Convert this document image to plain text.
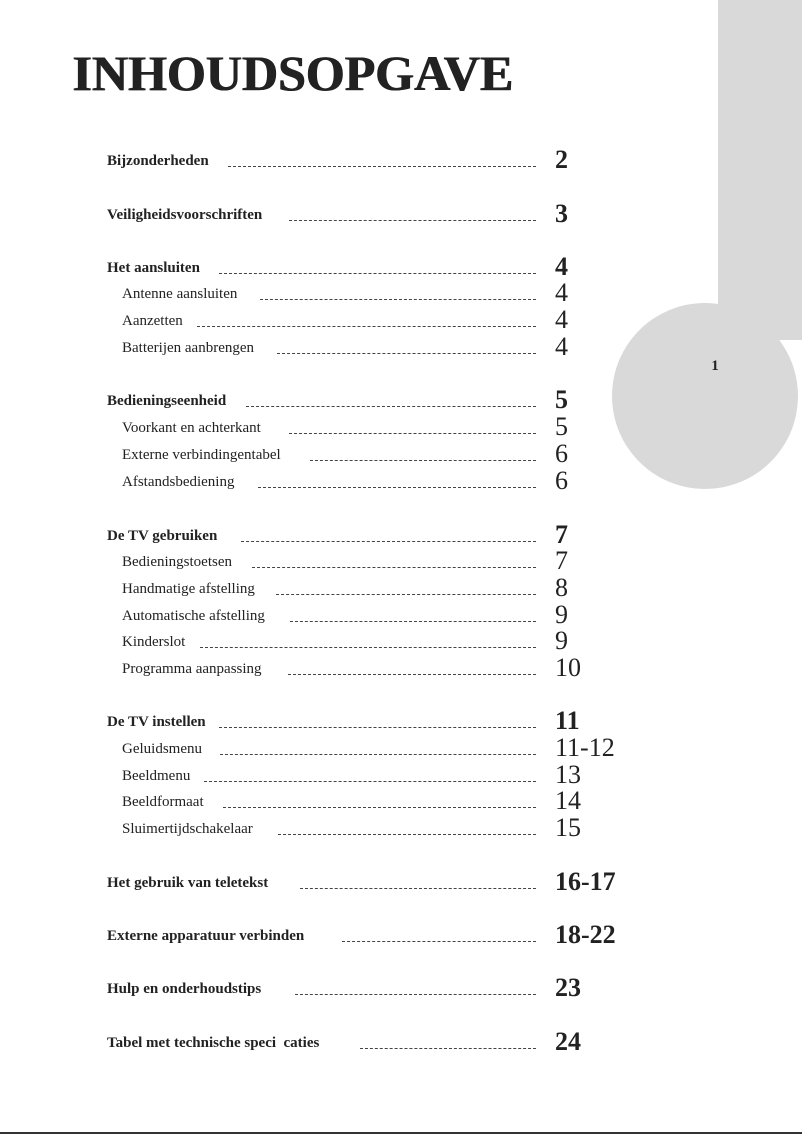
1
INHOUDSOPGAVE
Bijzonderheden	2
Veiligheidsvoorschriften	3
Het aansluiten	4
Antenne aansluiten	4
Aanzetten	4
Batterijen aanbrengen	4
Bedieningseenheid	5
Voorkant en achterkant	5
Externe verbindingentabel	6
Afstandsbediening	6
De TV gebruiken	7
Bedieningstoetsen	7
Handmatige afstelling	8
Automatische afstelling	9
Kinderslot	9
Programma aanpassing	10
De TV instellen	11
Geluidsmenu	11-12
Beeldmenu	13
Beeldformaat	14
Sluimertijdschakelaar	15
Het gebruik van teletekst	16-17
Externe apparatuur verbinden	18-22
Hulp en onderhoudstips	23
Tabel met technische speci  caties	24
